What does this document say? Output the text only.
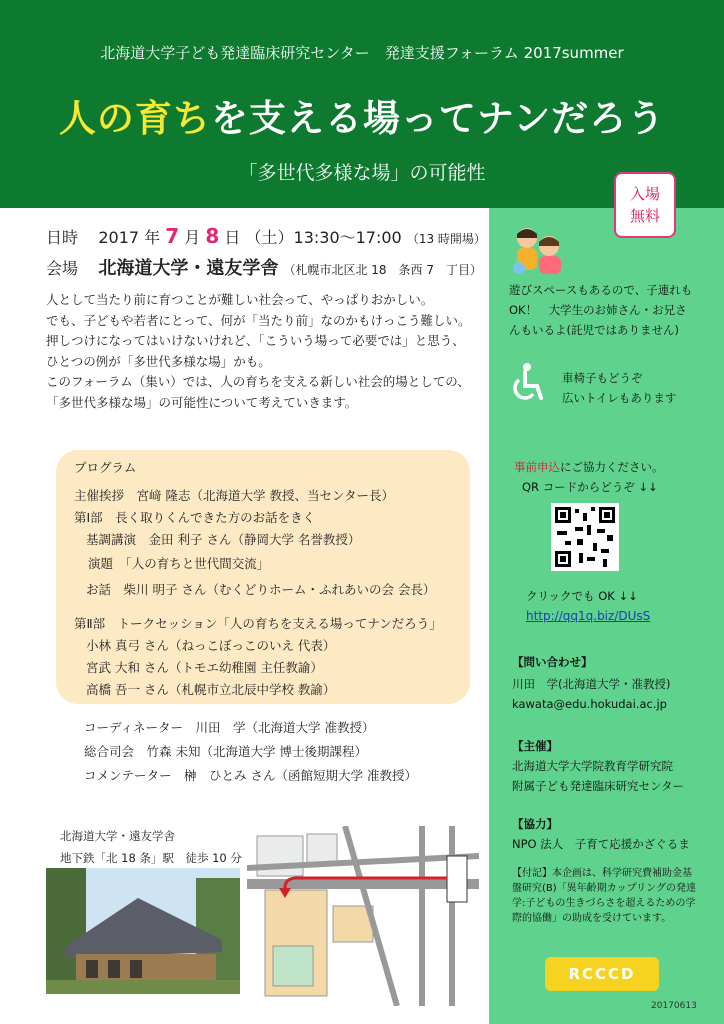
北海道大学子ども発達臨床研究センター　発達支援フォーラム 2017summer
人の育ちを支える場ってナンだろう
「多世代多様な場」の可能性
入場
無料
日時 2017 年 7 月 8 日 （土）13:30～17:00 （13 時開場）
会場 北海道大学・遠友学舎 （札幌市北区北 18　条西 7　丁目）

人として当たり前に育つことが難しい社会って、やっぱりおかしい。

でも、子どもや若者にとって、何が「当たり前」なのかもけっこう難しい。

押しつけになってはいけないけれど、「こういう場って必要では」と思う、

ひとつの例が「多世代多様な場」かも。

このフォーラム（集い）では、人の育ちを支える新しい社会的場としての、

「多世代多様な場」の可能性について考えていきます。

プログラム
主催挨拶　宮﨑 隆志（北海道大学 教授、当センター長）
第Ⅰ部　長く取りくんできた方のお話をきく
基調講演　金田 利子 さん（静岡大学 名誉教授）
演題　「人の育ちと世代間交流」
お話　柴川 明子 さん（むくどりホーム・ふれあいの会 会長）
第Ⅱ部　トークセッション「人の育ちを支える場ってナンだろう」
小林 真弓 さん（ねっこぼっこのいえ 代表）
宮武 大和 さん（トモエ幼稚園 主任教諭）
高橋 吾一 さん（札幌市立北辰中学校 教諭）
コーディネーター　川田　学（北海道大学 准教授）
総合司会　竹森 未知（北海道大学 博士後期課程）
コメンテーター　榊　ひとみ さん（函館短期大学 准教授）
北海道大学・遠友学舎
地下鉄「北 18 条」駅　徒歩 10 分
遊びスペースもあるので、子連れも
OK！　大学生のお姉さん・お兄さ
んもいるよ(託児ではありません)
車椅子もどうぞ
広いトイレもあります
事前申込にご協力ください。
QR コードからどうぞ ↓↓
クリックでも OK ↓↓
http://qq1q.biz/DUsS
【問い合わせ】
川田　学(北海道大学・准教授)
kawata@edu.hokudai.ac.jp
【主催】
北海道大学大学院教育学研究院
附属子ども発達臨床研究センター
【協力】
NPO 法人　子育て応援かざぐるま
【付記】本企画は、科学研究費補助金基
盤研究(B)「異年齢期カップリングの発達
学:子どもの生きづらさを超えるための学
際的協働」の助成を受けています。
RCCCD
20170613
